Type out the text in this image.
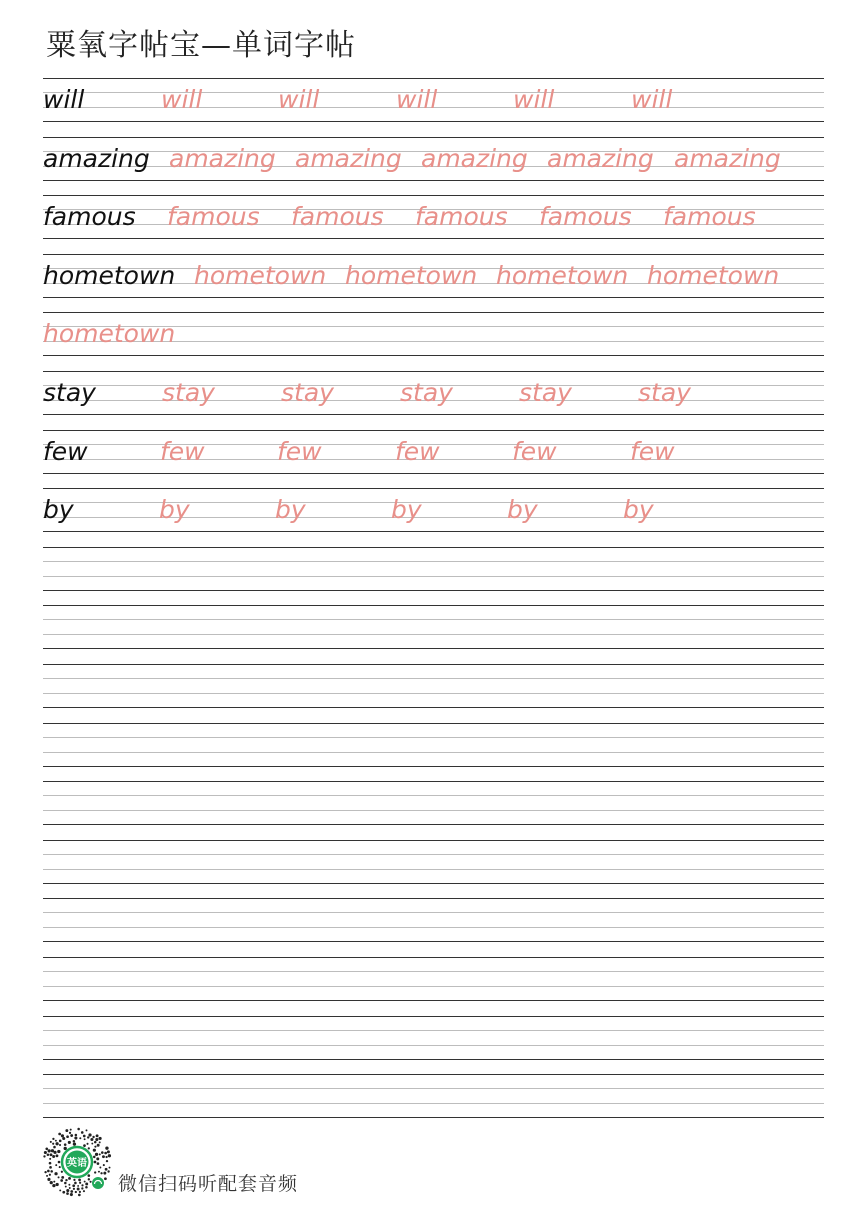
粟氧字帖宝—单词字帖
will	will	will	will	will	will
amazing amazing amazing amazing amazing amazing
famous famous famous famous famous famous
hometown hometown hometown hometown hometown
hometown
stay	stay	stay	stay	stay	stay
few	few	few	few	few	few
by	by	by	by	by	by
英语
微信扫码听配套音频
